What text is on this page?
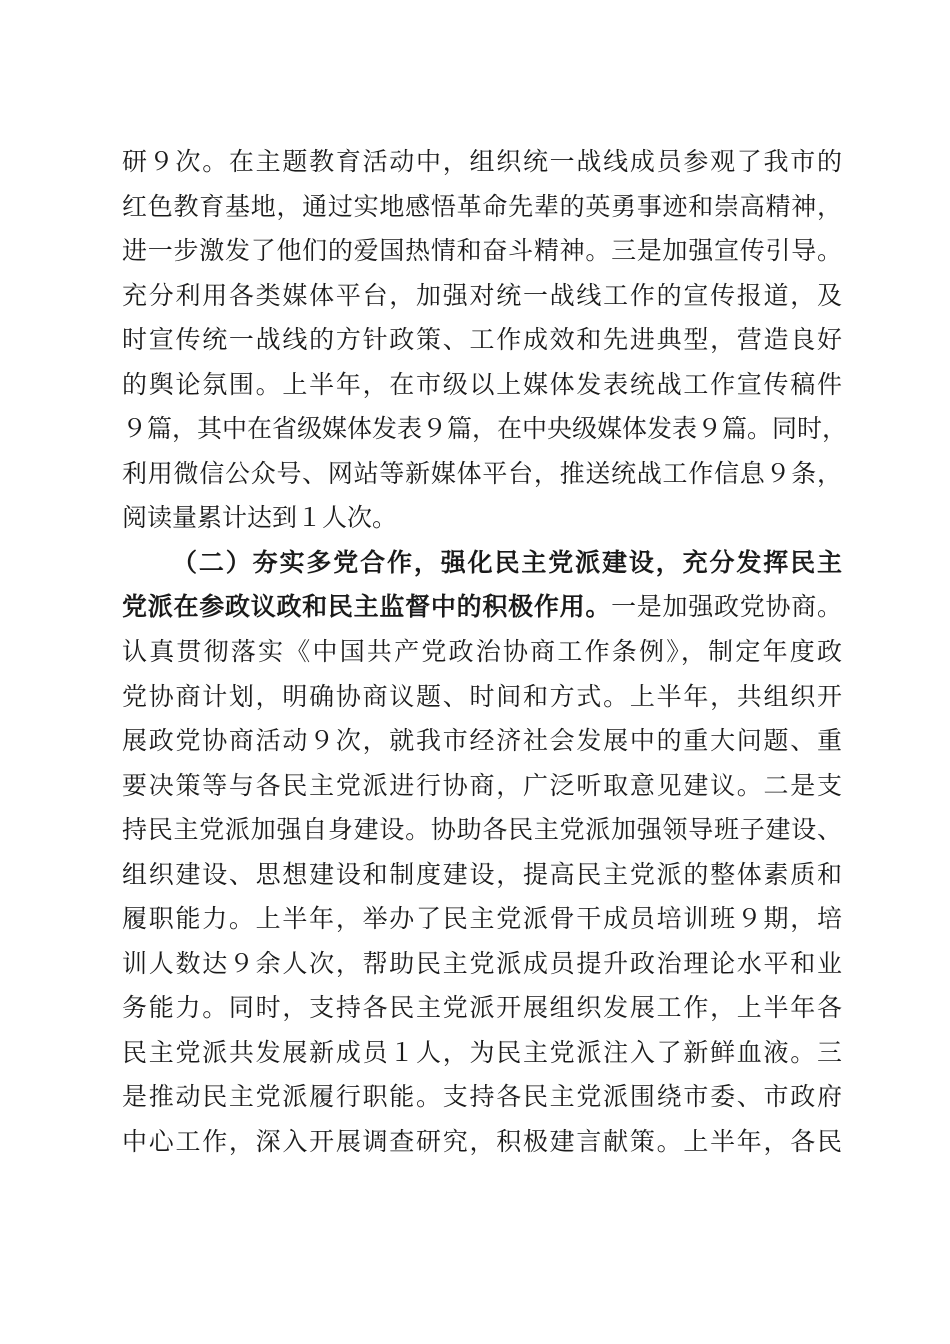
研９次。在主题教育活动中，组织统一战线成员参观了我市的
红色教育基地，通过实地感悟革命先辈的英勇事迹和崇高精神，
进一步激发了他们的爱国热情和奋斗精神。三是加强宣传引导。
充分利用各类媒体平台，加强对统一战线工作的宣传报道，及
时宣传统一战线的方针政策、工作成效和先进典型，营造良好
的舆论氛围。上半年，在市级以上媒体发表统战工作宣传稿件
９篇，其中在省级媒体发表９篇，在中央级媒体发表９篇。同时，
利用微信公众号、网站等新媒体平台，推送统战工作信息９条，
阅读量累计达到１人次。
（二）夯实多党合作，强化民主党派建设，充分发挥民主
党派在参政议政和民主监督中的积极作用。一是加强政党协商。
认真贯彻落实《中国共产党政治协商工作条例》，制定年度政
党协商计划，明确协商议题、时间和方式。上半年，共组织开
展政党协商活动９次，就我市经济社会发展中的重大问题、重
要决策等与各民主党派进行协商，广泛听取意见建议。二是支
持民主党派加强自身建设。协助各民主党派加强领导班子建设、
组织建设、思想建设和制度建设，提高民主党派的整体素质和
履职能力。上半年，举办了民主党派骨干成员培训班９期，培
训人数达９余人次，帮助民主党派成员提升政治理论水平和业
务能力。同时，支持各民主党派开展组织发展工作，上半年各
民主党派共发展新成员１人，为民主党派注入了新鲜血液。三
是推动民主党派履行职能。支持各民主党派围绕市委、市政府
中心工作，深入开展调查研究，积极建言献策。上半年，各民
